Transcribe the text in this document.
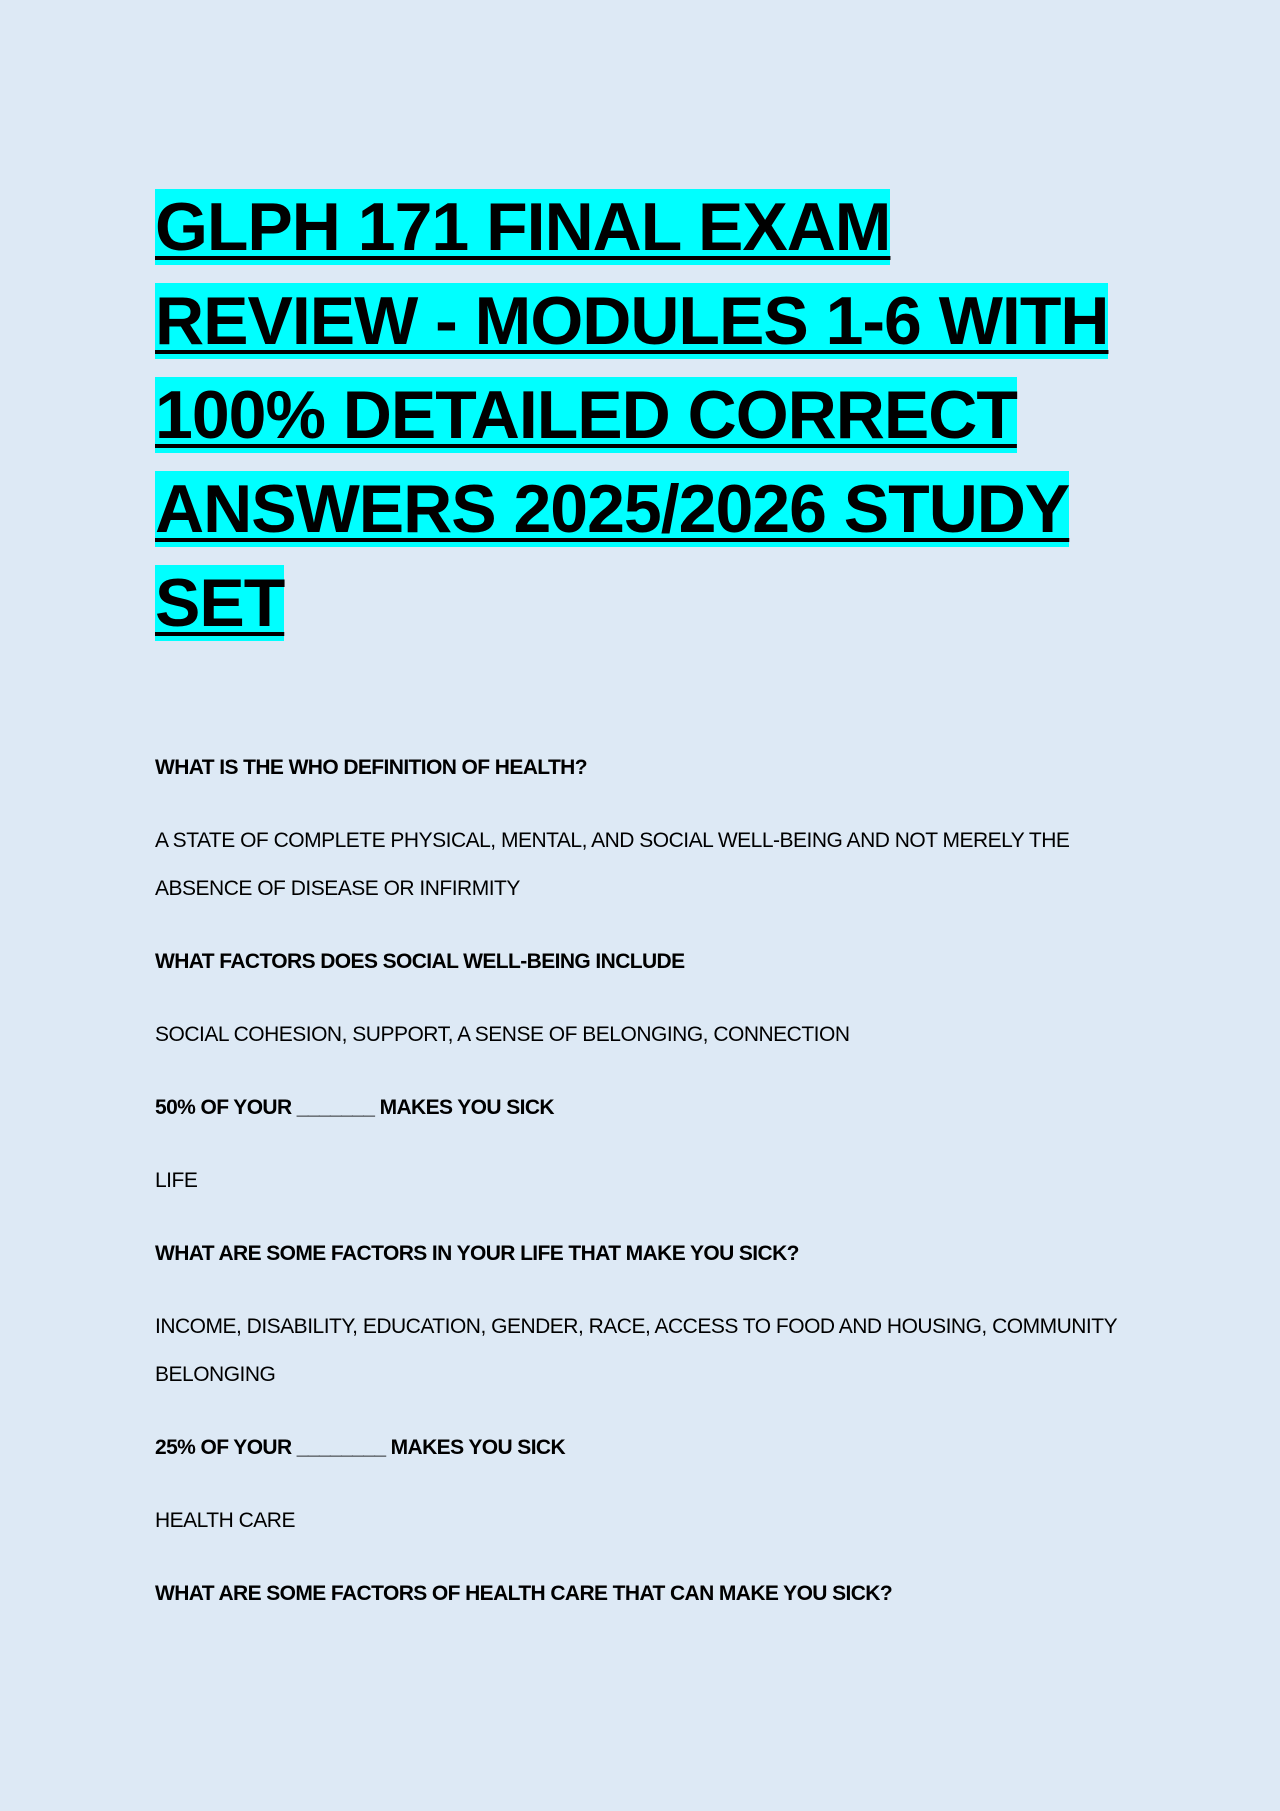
GLPH 171 FINAL EXAM REVIEW - MODULES 1-6 WITH 100% DETAILED CORRECT ANSWERS 2025/2026 STUDY SET

WHAT IS THE WHO DEFINITION OF HEALTH?

A STATE OF COMPLETE PHYSICAL, MENTAL, AND SOCIAL WELL-BEING AND NOT MERELY THE ABSENCE OF DISEASE OR INFIRMITY

WHAT FACTORS DOES SOCIAL WELL-BEING INCLUDE

SOCIAL COHESION, SUPPORT, A SENSE OF BELONGING, CONNECTION

50% OF YOUR _______ MAKES YOU SICK

LIFE

WHAT ARE SOME FACTORS IN YOUR LIFE THAT MAKE YOU SICK?

INCOME, DISABILITY, EDUCATION, GENDER, RACE, ACCESS TO FOOD AND HOUSING, COMMUNITY BELONGING

25% OF YOUR ________ MAKES YOU SICK

HEALTH CARE

WHAT ARE SOME FACTORS OF HEALTH CARE THAT CAN MAKE YOU SICK?
